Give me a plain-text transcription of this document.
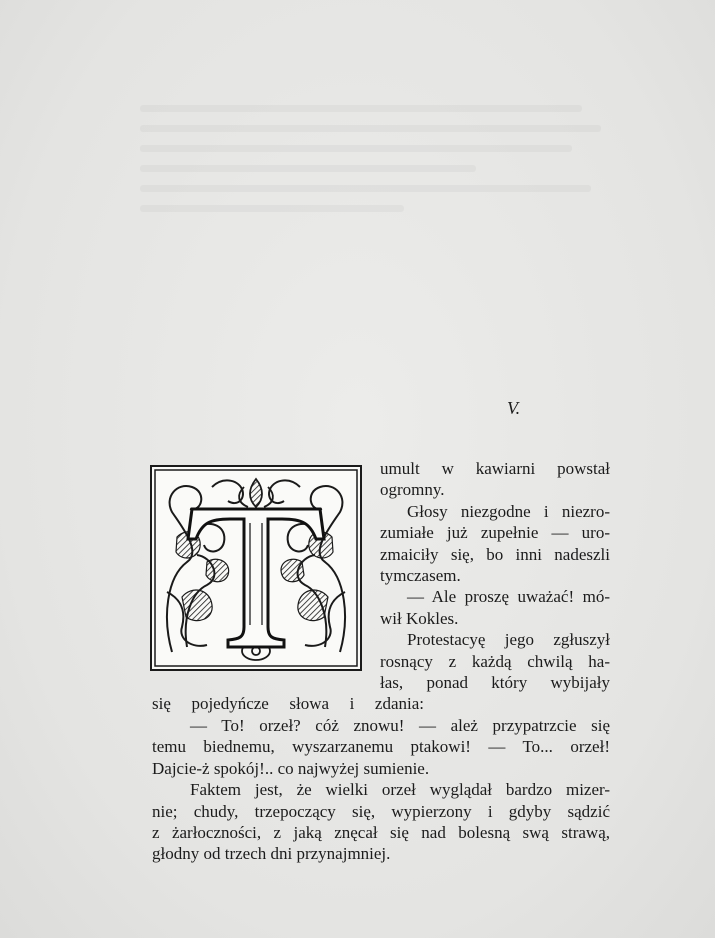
V.

umult w kawiarni powstał

ogromny.

Głosy niezgodne i niezro-

zumiałe już zupełnie — uro-

zmaiciły się, bo inni nadeszli

tymczasem.

— Ale proszę uważać! mó-

wił Kokles.

Protestacyę jego zgłuszył

rosnący z każdą chwilą ha-

łas, ponad który wybijały

się pojedyńcze słowa i zdania:

— To! orzeł? cóż znowu! — ależ przypatrzcie się

temu biednemu, wyszarzanemu ptakowi! — To... orzeł!

Dajcie-ż spokój!.. co najwyżej sumienie.

Faktem jest, że wielki orzeł wyglądał bardzo mizer-

nie; chudy, trzepoczący się, wypierzony i gdyby sądzić

z żarłoczności, z jaką znęcał się nad bolesną swą strawą,

głodny od trzech dni przynajmniej.
